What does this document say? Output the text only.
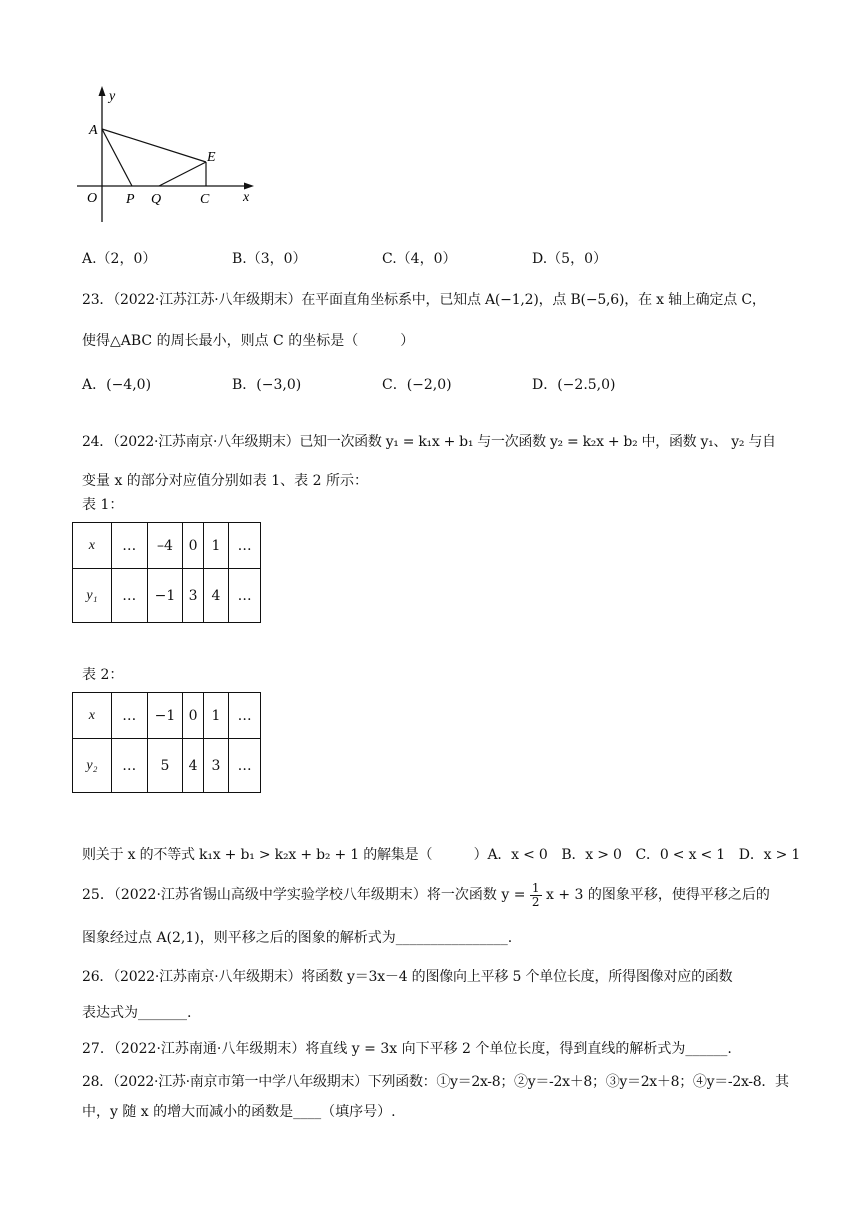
y
A
E
O P Q	C x
A.（2，0）	B.（3，0）	C.（4，0）	D.（5，0）
23．（2022·江苏江苏·八年级期末）在平面直角坐标系中，已知点 A(−1,2)，点 B(−5,6)，在 x 轴上确定点 C，
使得△ABC 的周长最小，则点 C 的坐标是（　　　）
A．(−4,0)	B．(−3,0)	C．(−2,0)	D．(−2.5,0)
24．（2022·江苏南京·八年级期末）已知一次函数 y₁ = k₁x + b₁ 与一次函数 y₂ = k₂x + b₂ 中，函数 y₁、 y₂ 与自
变量 x 的部分对应值分别如表 1、表 2 所示：
表 1：
x	…	–4	0	1	…
y₁	…	−1	3	4	…
表 2：
x	…	−1	0	1	…
y₂	…	5	4	3	…
则关于 x 的不等式 k₁x + b₁ > k₂x + b₂ + 1 的解集是（　　　）A．x < 0　B．x > 0　C．0 < x < 1　D．x > 1
25．（2022·江苏省锡山高级中学实验学校八年级期末）将一次函数 $y = \frac{1}{2}$ x + 3 的图象平移，使得平移之后的
图象经过点 A(2,1)，则平移之后的图象的解析式为________________.
26．（2022·江苏南京·八年级期末）将函数 y＝3x－4 的图像向上平移 5 个单位长度，所得图像对应的函数
表达式为_______.
27．（2022·江苏南通·八年级期末）将直线 y = 3x 向下平移 2 个单位长度，得到直线的解析式为______.
28．（2022·江苏·南京市第一中学八年级期末）下列函数：①y＝2x-8；②y＝-2x＋8；③y＝2x＋8；④y＝-2x-8．其
中，y 随 x 的增大而减小的函数是____（填序号）.
